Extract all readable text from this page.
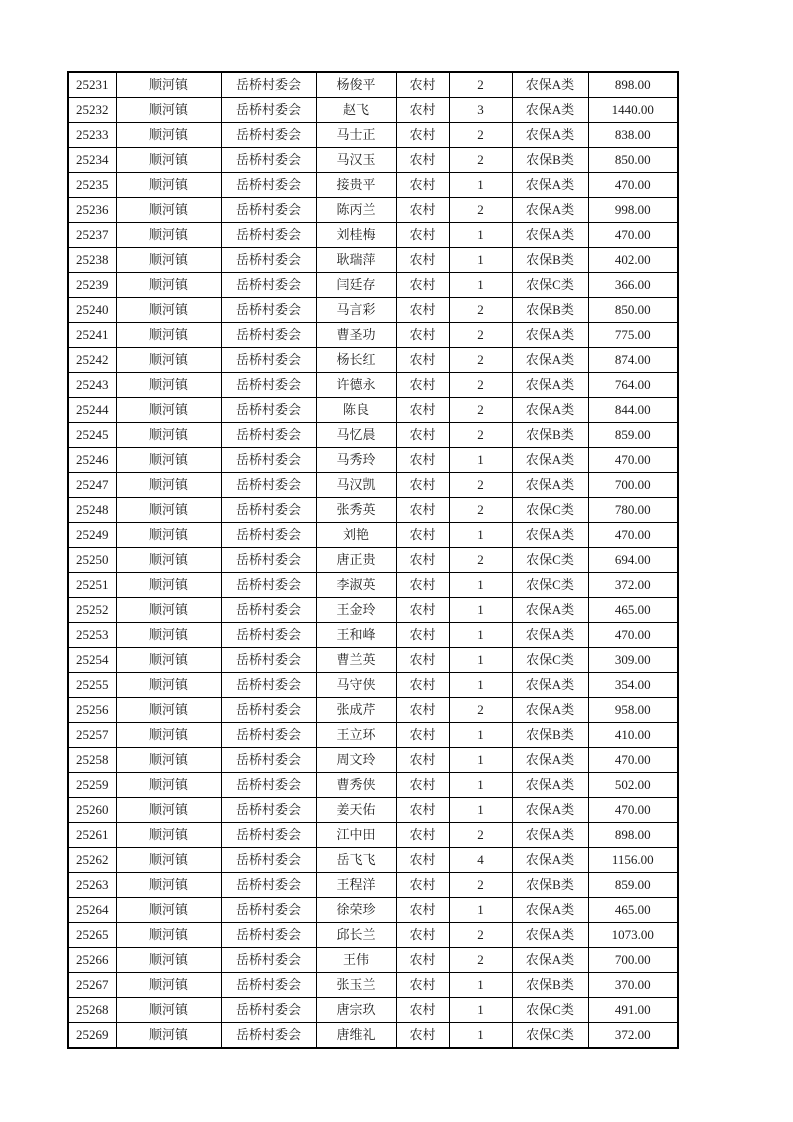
25231	顺河镇	岳桥村委会	杨俊平	农村	2	农保A类	898.00
25232	顺河镇	岳桥村委会	赵飞	农村	3	农保A类	1440.00
25233	顺河镇	岳桥村委会	马士正	农村	2	农保A类	838.00
25234	顺河镇	岳桥村委会	马汉玉	农村	2	农保B类	850.00
25235	顺河镇	岳桥村委会	接贵平	农村	1	农保A类	470.00
25236	顺河镇	岳桥村委会	陈丙兰	农村	2	农保A类	998.00
25237	顺河镇	岳桥村委会	刘桂梅	农村	1	农保A类	470.00
25238	顺河镇	岳桥村委会	耿瑞萍	农村	1	农保B类	402.00
25239	顺河镇	岳桥村委会	闫廷存	农村	1	农保C类	366.00
25240	顺河镇	岳桥村委会	马言彩	农村	2	农保B类	850.00
25241	顺河镇	岳桥村委会	曹圣功	农村	2	农保A类	775.00
25242	顺河镇	岳桥村委会	杨长红	农村	2	农保A类	874.00
25243	顺河镇	岳桥村委会	许德永	农村	2	农保A类	764.00
25244	顺河镇	岳桥村委会	陈良	农村	2	农保A类	844.00
25245	顺河镇	岳桥村委会	马忆晨	农村	2	农保B类	859.00
25246	顺河镇	岳桥村委会	马秀玲	农村	1	农保A类	470.00
25247	顺河镇	岳桥村委会	马汉凯	农村	2	农保A类	700.00
25248	顺河镇	岳桥村委会	张秀英	农村	2	农保C类	780.00
25249	顺河镇	岳桥村委会	刘艳	农村	1	农保A类	470.00
25250	顺河镇	岳桥村委会	唐正贵	农村	2	农保C类	694.00
25251	顺河镇	岳桥村委会	李淑英	农村	1	农保C类	372.00
25252	顺河镇	岳桥村委会	王金玲	农村	1	农保A类	465.00
25253	顺河镇	岳桥村委会	王和峰	农村	1	农保A类	470.00
25254	顺河镇	岳桥村委会	曹兰英	农村	1	农保C类	309.00
25255	顺河镇	岳桥村委会	马守侠	农村	1	农保A类	354.00
25256	顺河镇	岳桥村委会	张成芹	农村	2	农保A类	958.00
25257	顺河镇	岳桥村委会	王立环	农村	1	农保B类	410.00
25258	顺河镇	岳桥村委会	周文玲	农村	1	农保A类	470.00
25259	顺河镇	岳桥村委会	曹秀侠	农村	1	农保A类	502.00
25260	顺河镇	岳桥村委会	姜天佑	农村	1	农保A类	470.00
25261	顺河镇	岳桥村委会	江中田	农村	2	农保A类	898.00
25262	顺河镇	岳桥村委会	岳飞飞	农村	4	农保A类	1156.00
25263	顺河镇	岳桥村委会	王程洋	农村	2	农保B类	859.00
25264	顺河镇	岳桥村委会	徐荣珍	农村	1	农保A类	465.00
25265	顺河镇	岳桥村委会	邱长兰	农村	2	农保A类	1073.00
25266	顺河镇	岳桥村委会	王伟	农村	2	农保A类	700.00
25267	顺河镇	岳桥村委会	张玉兰	农村	1	农保B类	370.00
25268	顺河镇	岳桥村委会	唐宗玖	农村	1	农保C类	491.00
25269	顺河镇	岳桥村委会	唐维礼	农村	1	农保C类	372.00
